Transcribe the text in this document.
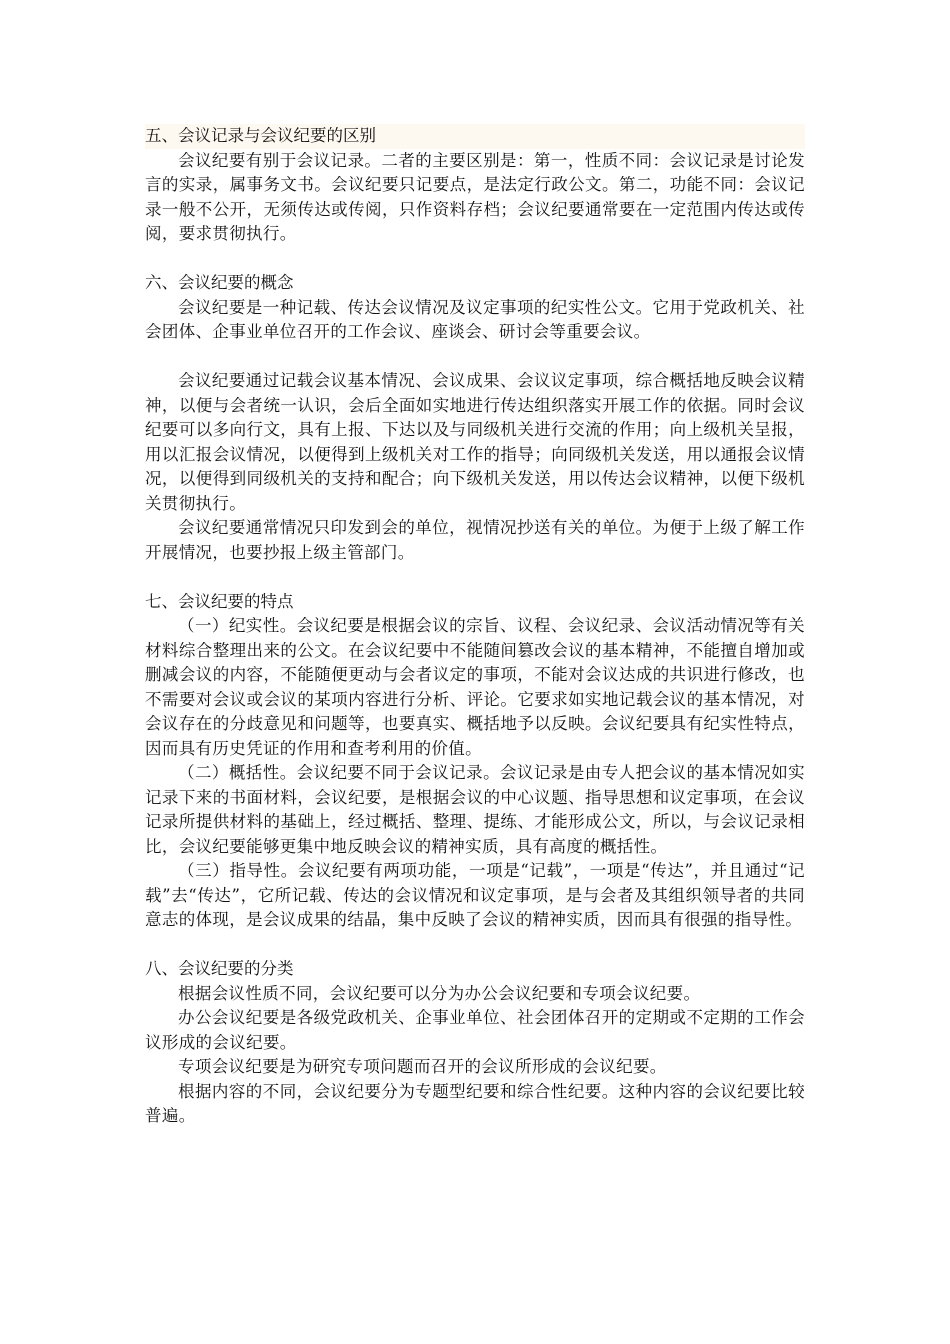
五、会议记录与会议纪要的区别

会议纪要有别于会议记录。二者的主要区别是：第一，性质不同：会议记录是讨论发言的实录，属事务文书。会议纪要只记要点，是法定行政公文。第二，功能不同：会议记录一般不公开，无须传达或传阅，只作资料存档；会议纪要通常要在一定范围内传达或传阅，要求贯彻执行。

六、会议纪要的概念

会议纪要是一种记载、传达会议情况及议定事项的纪实性公文。它用于党政机关、社会团体、企事业单位召开的工作会议、座谈会、研讨会等重要会议。

会议纪要通过记载会议基本情况、会议成果、会议议定事项，综合概括地反映会议精神，以便与会者统一认识，会后全面如实地进行传达组织落实开展工作的依据。同时会议纪要可以多向行文，具有上报、下达以及与同级机关进行交流的作用；向上级机关呈报，用以汇报会议情况，以便得到上级机关对工作的指导；向同级机关发送，用以通报会议情况，以便得到同级机关的支持和配合；向下级机关发送，用以传达会议精神，以便下级机关贯彻执行。

会议纪要通常情况只印发到会的单位，视情况抄送有关的单位。为便于上级了解工作开展情况，也要抄报上级主管部门。

七、会议纪要的特点

（一）纪实性。会议纪要是根据会议的宗旨、议程、会议纪录、会议活动情况等有关材料综合整理出来的公文。在会议纪要中不能随间篡改会议的基本精神，不能擅自增加或删减会议的内容，不能随便更动与会者议定的事项，不能对会议达成的共识进行修改，也不需要对会议或会议的某项内容进行分析、评论。它要求如实地记载会议的基本情况，对会议存在的分歧意见和问题等，也要真实、概括地予以反映。会议纪要具有纪实性特点，因而具有历史凭证的作用和查考利用的价值。

（二）概括性。会议纪要不同于会议记录。会议记录是由专人把会议的基本情况如实记录下来的书面材料，会议纪要，是根据会议的中心议题、指导思想和议定事项，在会议记录所提供材料的基础上，经过概括、整理、提练、才能形成公文，所以，与会议记录相比，会议纪要能够更集中地反映会议的精神实质，具有高度的概括性。

（三）指导性。会议纪要有两项功能，一项是“记载”，一项是“传达”，并且通过“记载”去“传达”，它所记载、传达的会议情况和议定事项，是与会者及其组织领导者的共同意志的体现，是会议成果的结晶，集中反映了会议的精神实质，因而具有很强的指导性。

八、会议纪要的分类

根据会议性质不同，会议纪要可以分为办公会议纪要和专项会议纪要。

办公会议纪要是各级党政机关、企事业单位、社会团体召开的定期或不定期的工作会议形成的会议纪要。

专项会议纪要是为研究专项问题而召开的会议所形成的会议纪要。

根据内容的不同，会议纪要分为专题型纪要和综合性纪要。这种内容的会议纪要比较普遍。
